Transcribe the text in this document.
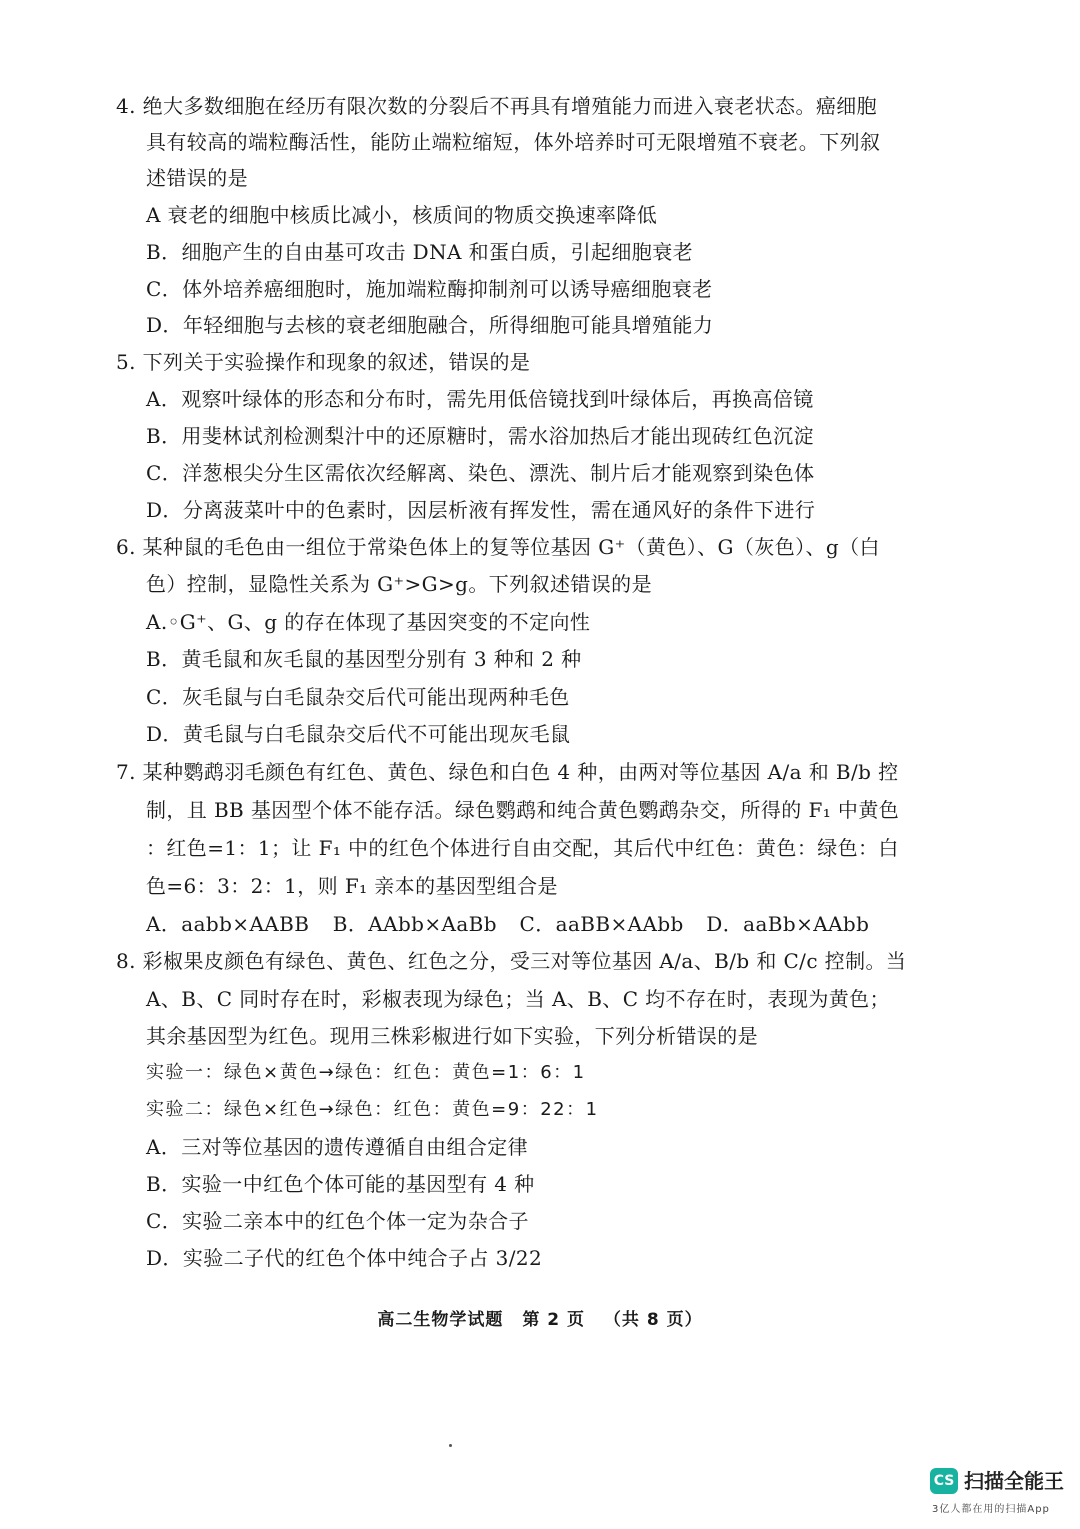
4. 绝大多数细胞在经历有限次数的分裂后不再具有增殖能力而进入衰老状态。癌细胞
具有较高的端粒酶活性，能防止端粒缩短，体外培养时可无限增殖不衰老。下列叙
述错误的是
A 衰老的细胞中核质比减小，核质间的物质交换速率降低
B．细胞产生的自由基可攻击 DNA 和蛋白质，引起细胞衰老
C．体外培养癌细胞时，施加端粒酶抑制剂可以诱导癌细胞衰老
D．年轻细胞与去核的衰老细胞融合，所得细胞可能具增殖能力
5. 下列关于实验操作和现象的叙述，错误的是
A．观察叶绿体的形态和分布时，需先用低倍镜找到叶绿体后，再换高倍镜
B．用斐林试剂检测梨汁中的还原糖时，需水浴加热后才能出现砖红色沉淀
C．洋葱根尖分生区需依次经解离、染色、漂洗、制片后才能观察到染色体
D．分离菠菜叶中的色素时，因层析液有挥发性，需在通风好的条件下进行
6. 某种鼠的毛色由一组位于常染色体上的复等位基因 G⁺（黄色）、G（灰色）、g（白
色）控制，显隐性关系为 G⁺>G>g。下列叙述错误的是
A.◦G⁺、G、g 的存在体现了基因突变的不定向性
B．黄毛鼠和灰毛鼠的基因型分别有 3 种和 2 种
C．灰毛鼠与白毛鼠杂交后代可能出现两种毛色
D．黄毛鼠与白毛鼠杂交后代不可能出现灰毛鼠
7. 某种鹦鹉羽毛颜色有红色、黄色、绿色和白色 4 种，由两对等位基因 A/a 和 B/b 控
制，且 BB 基因型个体不能存活。绿色鹦鹉和纯合黄色鹦鹉杂交，所得的 F₁ 中黄色
：红色=1：1；让 F₁ 中的红色个体进行自由交配，其后代中红色：黄色：绿色：白
色=6：3：2：1，则 F₁ 亲本的基因型组合是
A．aabb×AABB B．AAbb×AaBb C．aaBB×AAbb D．aaBb×AAbb
8. 彩椒果皮颜色有绿色、黄色、红色之分，受三对等位基因 A/a、B/b 和 C/c 控制。当
A、B、C 同时存在时，彩椒表现为绿色；当 A、B、C 均不存在时，表现为黄色；
其余基因型为红色。现用三株彩椒进行如下实验，下列分析错误的是
实验一：绿色×黄色→绿色：红色：黄色=1：6：1
实验二：绿色×红色→绿色：红色：黄色=9：22：1
A．三对等位基因的遗传遵循自由组合定律
B．实验一中红色个体可能的基因型有 4 种
C．实验二亲本中的红色个体一定为杂合子
D．实验二子代的红色个体中纯合子占 3/22
高二生物学试题 第 2 页 （共 8 页）
CS 扫描全能王
3亿人都在用的扫描App
